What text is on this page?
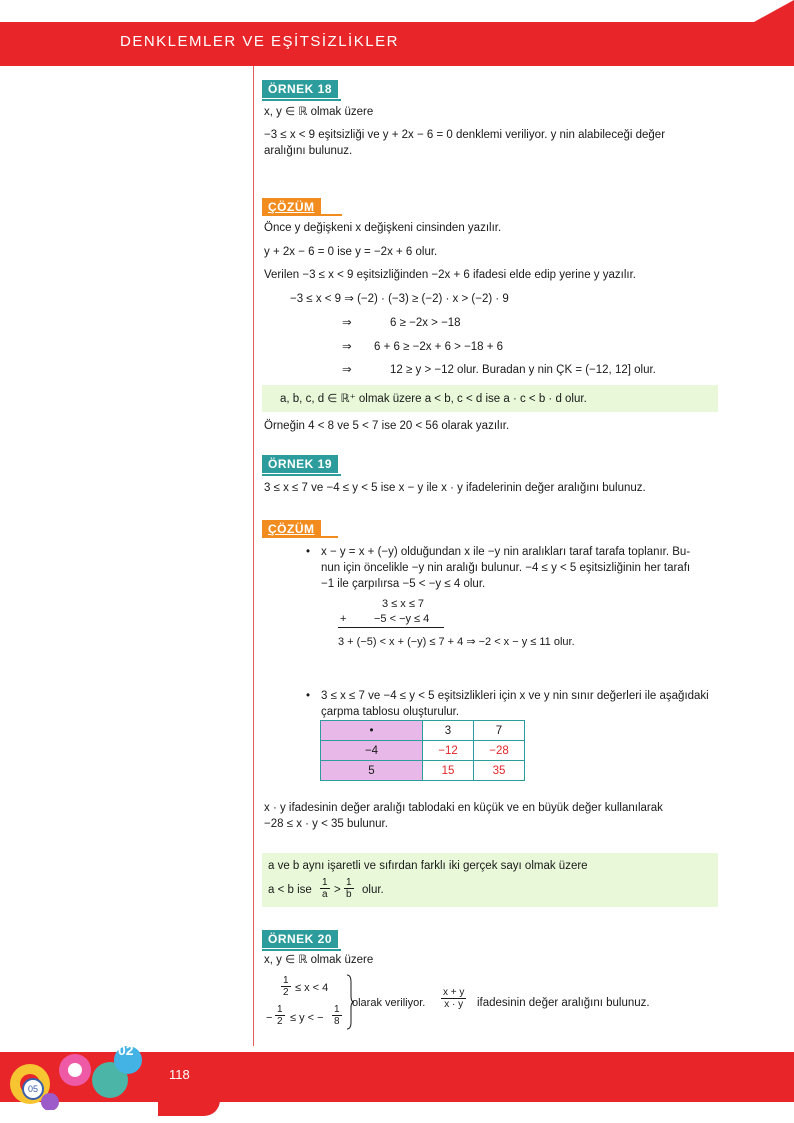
DENKLEMLER VE EŞİTSİZLİKLER
ÖRNEK 18
x, y ∈ ℝ olmak üzere
−3 ≤ x < 9 eşitsizliği ve y + 2x − 6 = 0 denklemi veriliyor. y nin alabileceği değer
aralığını bulunuz.
ÇÖZÜM
Önce y değişkeni x değişkeni cinsinden yazılır.
y + 2x − 6 = 0 ise y = −2x + 6 olur.
Verilen −3 ≤ x < 9 eşitsizliğinden −2x + 6 ifadesi elde edip yerine y yazılır.
−3 ≤ x < 9 ⇒ (−2) · (−3) ≥ (−2) · x > (−2) · 9
⇒	6 ≥ −2x > −18
⇒ 6 + 6 ≥ −2x + 6 > −18 + 6
⇒	12 ≥ y > −12 olur. Buradan y nin ÇK = (−12, 12] olur.
a, b, c, d ∈ ℝ⁺ olmak üzere a < b, c < d ise a · c < b · d olur.
Örneğin 4 < 8 ve 5 < 7 ise 20 < 56 olarak yazılır.
ÖRNEK 19
3 ≤ x ≤ 7 ve −4 ≤ y < 5 ise x − y ile x · y ifadelerinin değer aralığını bulunuz.
ÇÖZÜM
• x − y = x + (−y) olduğundan x ile −y nin aralıkları taraf tarafa toplanır. Bu-
nun için öncelikle −y nin aralığı bulunur. −4 ≤ y < 5 eşitsizliğinin her tarafı
−1 ile çarpılırsa −5 < −y ≤ 4 olur.
3 ≤ x ≤ 7
+	−5 < −y ≤ 4
3 + (−5) < x + (−y) ≤ 7 + 4 ⇒ −2 < x − y ≤ 11 olur.
• 3 ≤ x ≤ 7 ve −4 ≤ y < 5 eşitsizlikleri için x ve y nin sınır değerleri ile aşağıdaki
çarpma tablosu oluşturulur.
•	3	7
−4	−12	−28
5	15	35
x · y ifadesinin değer aralığı tablodaki en küçük ve en büyük değer kullanılarak
−28 ≤ x · y < 35 bulunur.
a ve b aynı işaretli ve sıfırdan farklı iki gerçek sayı olmak üzere
a < b ise $\frac{1}{a} > \frac{1}{b}$ olur.
ÖRNEK 20
x, y ∈ ℝ olmak üzere
$\frac{1}{2} \le x < 4$
− $\frac{1}{2} \le y$ < − $\frac{1}{8}$
olarak veriliyor. $\frac{x + y}{x \cdot y}$ ifadesinin değer aralığını bulunuz.
118
05
02
